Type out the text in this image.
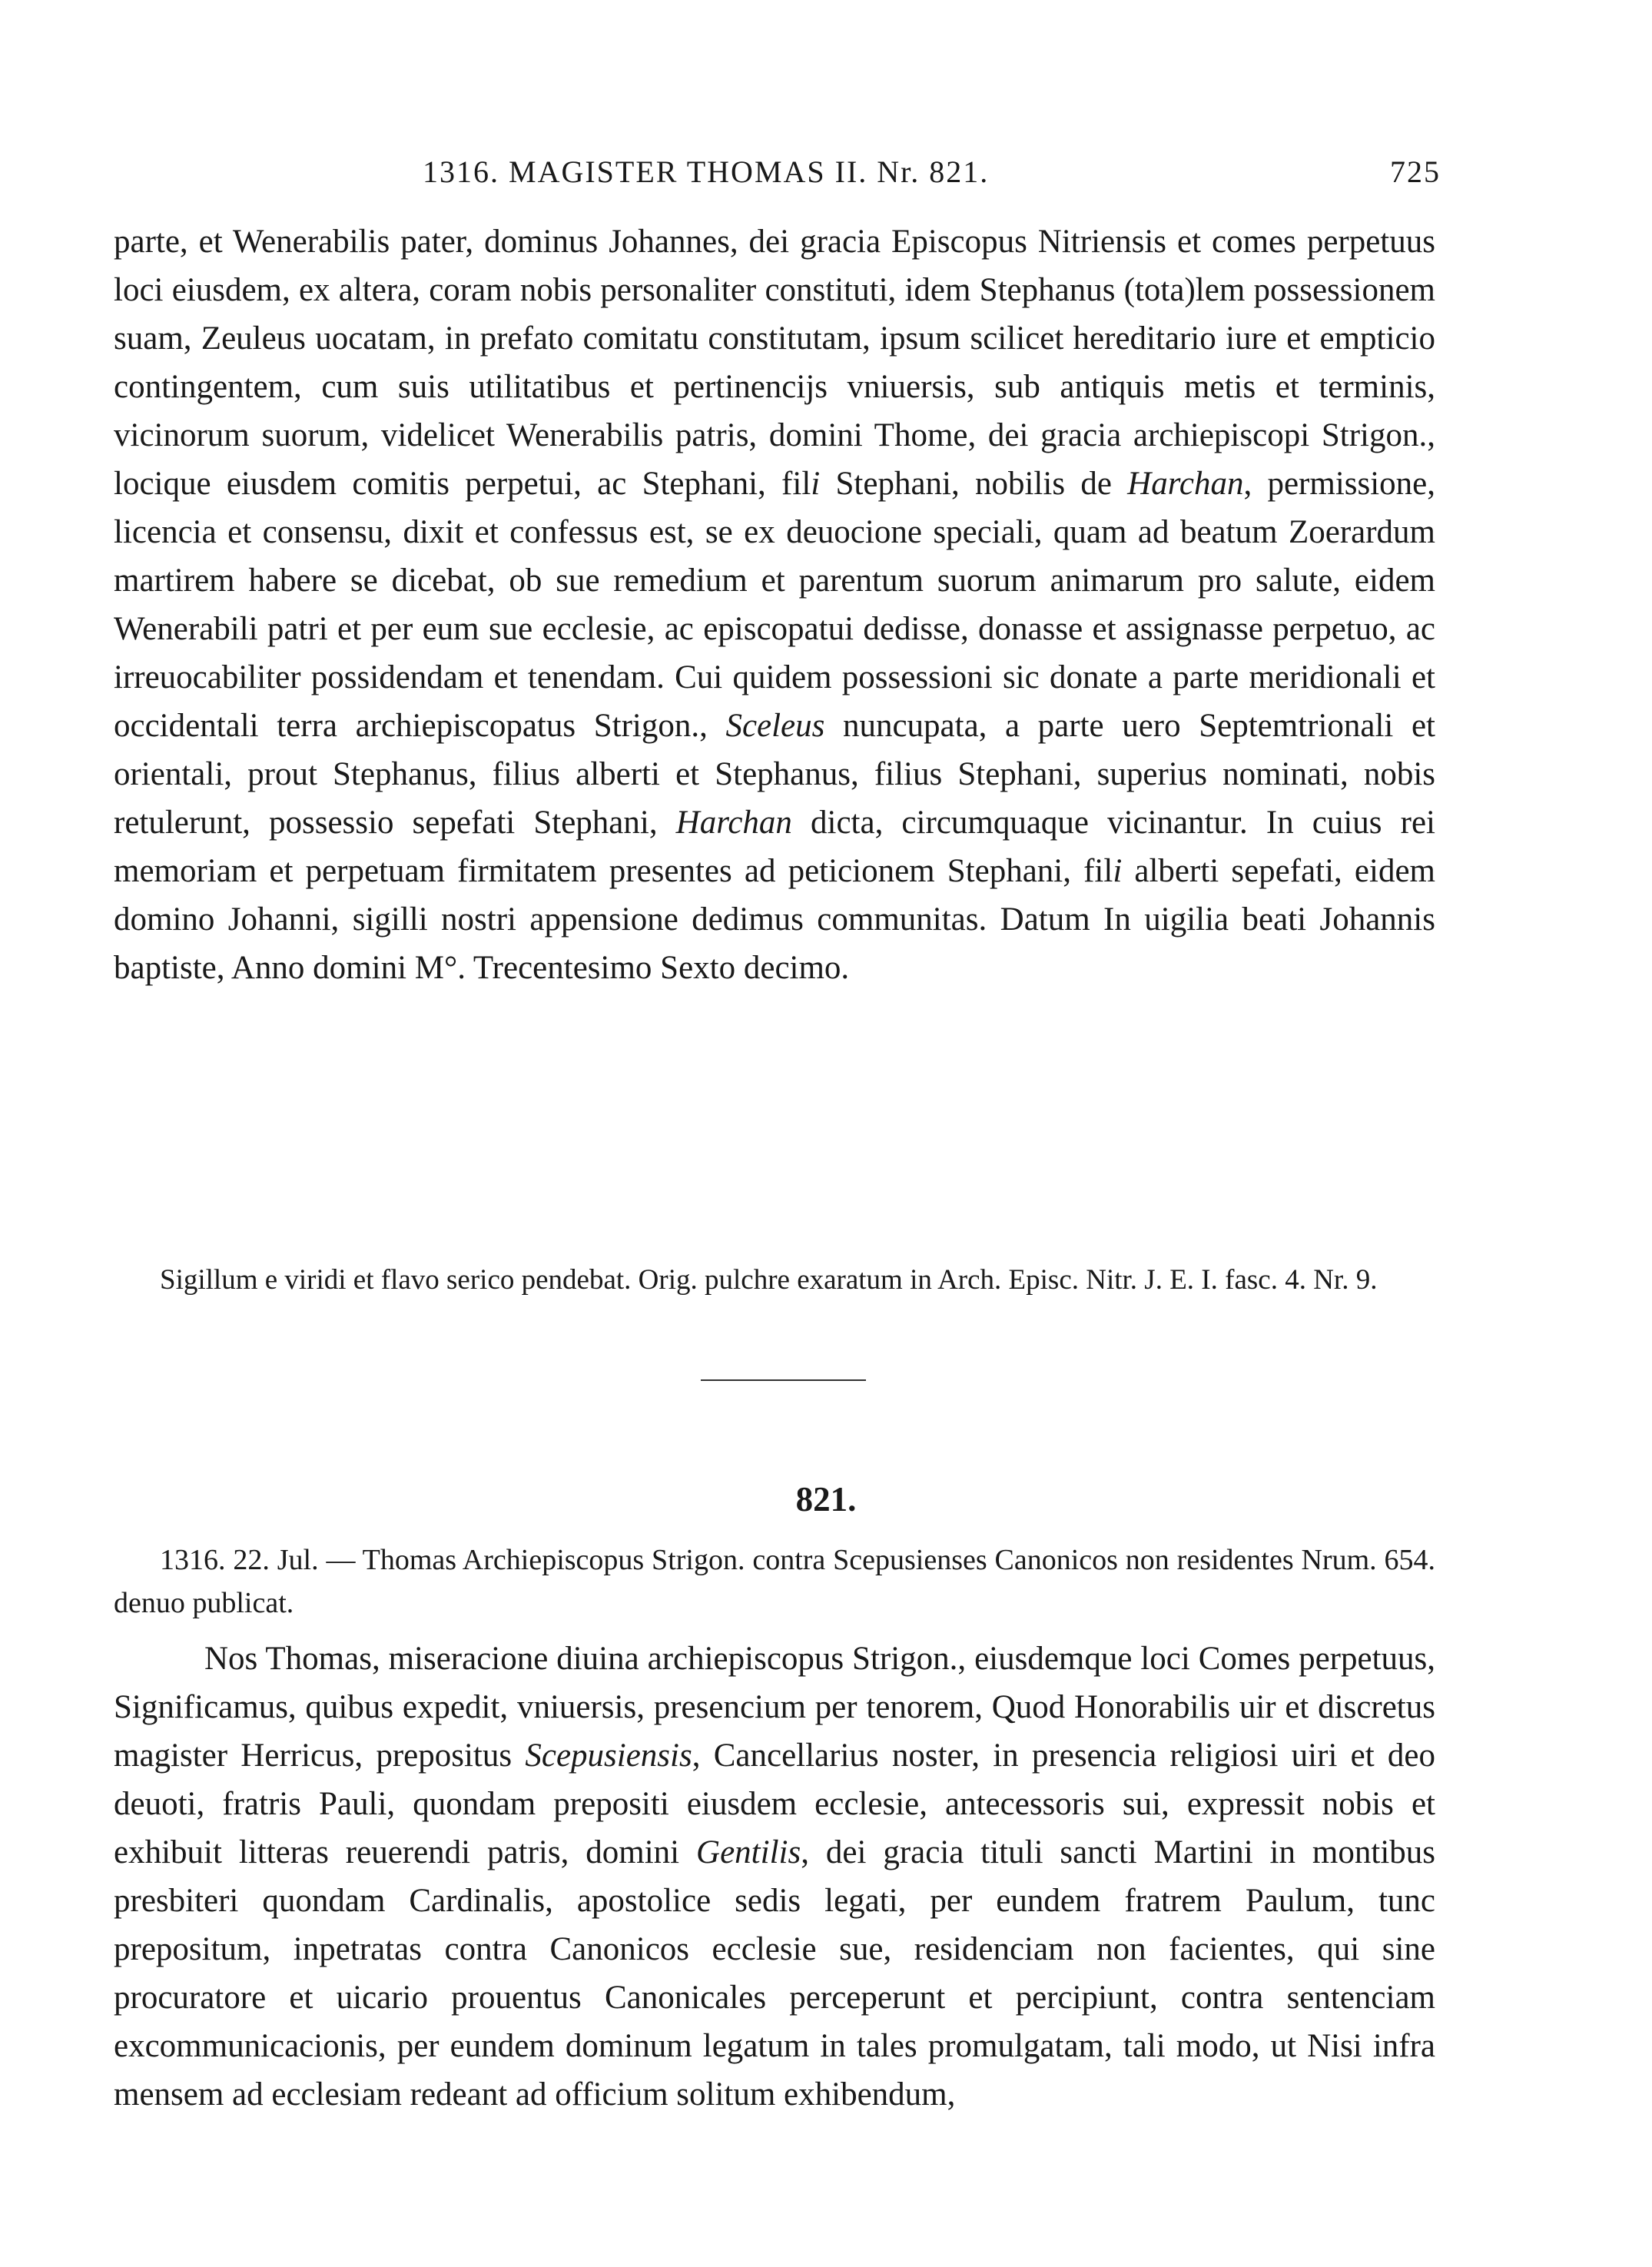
1316. MAGISTER THOMAS II. Nr. 821.	725
parte, et Wenerabilis pater, dominus Johannes, dei gracia Episcopus Nitriensis et comes perpetuus loci eiusdem, ex altera, coram nobis personaliter constituti, idem Stephanus (tota)lem possessionem suam, Zeuleus uocatam, in prefato comitatu constitutam, ipsum scilicet hereditario iure et empticio contingentem, cum suis utilitatibus et pertinencijs vniuersis, sub antiquis metis et terminis, vicinorum suorum, videlicet Wenerabilis patris, domini Thome, dei gracia archiepiscopi Strigon., locique eiusdem comitis perpetui, ac Stephani, fili Stephani, nobilis de Harchan, permissione, licencia et consensu, dixit et confessus est, se ex deuocione speciali, quam ad beatum Zoerardum martirem habere se dicebat, ob sue remedium et parentum suorum animarum pro salute, eidem Wenerabili patri et per eum sue ecclesie, ac episcopatui dedisse, donasse et assignasse perpetuo, ac irreuocabiliter possidendam et tenendam. Cui quidem possessioni sic donate a parte meridionali et occidentali terra archiepiscopatus Strigon., Sceleus nuncupata, a parte uero Septemtrionali et orientali, prout Stephanus, filius alberti et Stephanus, filius Stephani, superius nominati, nobis retulerunt, possessio sepefati Stephani, Harchan dicta, circumquaque vicinantur. In cuius rei memoriam et perpetuam firmitatem presentes ad peticionem Stephani, fili alberti sepefati, eidem domino Johanni, sigilli nostri appensione dedimus communitas. Datum In uigilia beati Johannis baptiste, Anno domini M°. Trecentesimo Sexto decimo.
Sigillum e viridi et flavo serico pendebat. Orig. pulchre exaratum in Arch. Episc. Nitr. J. E. I. fasc. 4. Nr. 9.
821.
1316. 22. Jul. — Thomas Archiepiscopus Strigon. contra Scepusienses Canonicos non residentes Nrum. 654. denuo publicat.
Nos Thomas, miseracione diuina archiepiscopus Strigon., eiusdemque loci Comes perpetuus, Significamus, quibus expedit, vniuersis, presencium per tenorem, Quod Honorabilis uir et discretus magister Herricus, prepositus Scepusiensis, Cancellarius noster, in presencia religiosi uiri et deo deuoti, fratris Pauli, quondam prepositi eiusdem ecclesie, antecessoris sui, expressit nobis et exhibuit litteras reuerendi patris, domini Gentilis, dei gracia tituli sancti Martini in montibus presbiteri quondam Cardinalis, apostolice sedis legati, per eundem fratrem Paulum, tunc prepositum, inpetratas contra Canonicos ecclesie sue, residenciam non facientes, qui sine procuratore et uicario prouentus Canonicales perceperunt et percipiunt, contra sentenciam excommunicacionis, per eundem dominum legatum in tales promulgatam, tali modo, ut Nisi infra mensem ad ecclesiam redeant ad officium solitum exhibendum,
